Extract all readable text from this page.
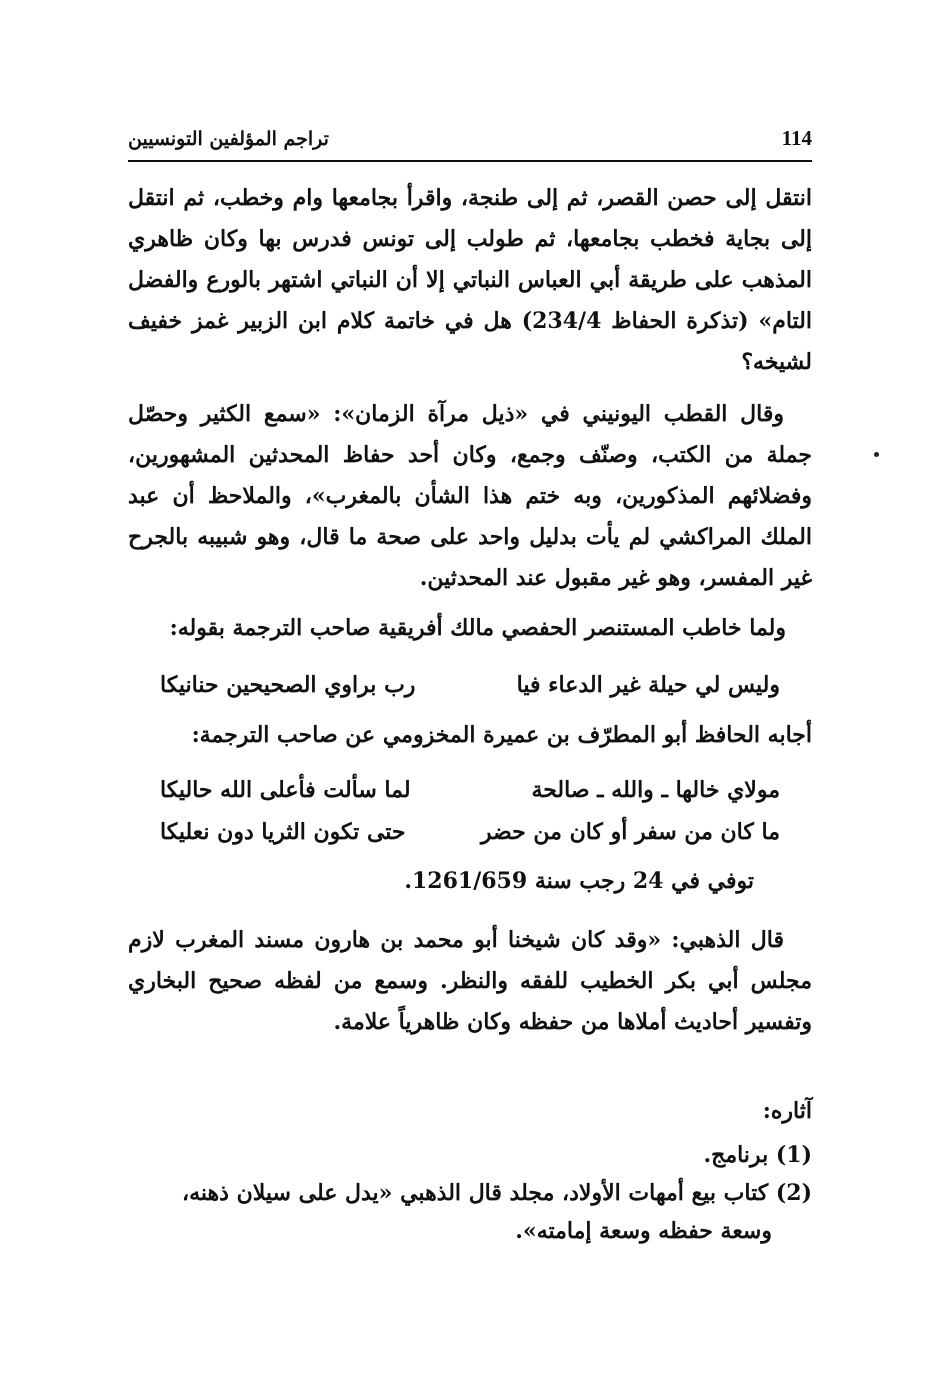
تراجم المؤلفين التونسيين	114
انتقل إلى حصن القصر، ثم إلى طنجة، واقرأ بجامعها وام وخطب، ثم انتقل إلى بجاية فخطب بجامعها، ثم طولب إلى تونس فدرس بها وكان ظاهري المذهب على طريقة أبي العباس النباتي إلا أن النباتي اشتهر بالورع والفضل التام» (تذكرة الحفاظ 234/4) هل في خاتمة كلام ابن الزبير غمز خفيف لشيخه؟
وقال القطب اليونيني في «ذيل مرآة الزمان»: «سمع الكثير وحصّل جملة من الكتب، وصنّف وجمع، وكان أحد حفاظ المحدثين المشهورين، وفضلائهم المذكورين، وبه ختم هذا الشأن بالمغرب»، والملاحظ أن عبد الملك المراكشي لم يأت بدليل واحد على صحة ما قال، وهو شبيبه بالجرح غير المفسر، وهو غير مقبول عند المحدثين.
ولما خاطب المستنصر الحفصي مالك أفريقية صاحب الترجمة بقوله:
وليس لي حيلة غير الدعاء فيا
رب براوي الصحيحين حنانيكا
أجابه الحافظ أبو المطرّف بن عميرة المخزومي عن صاحب الترجمة:
مولاي خالها ـ والله ـ صالحة
لما سألت فأعلى الله حاليكا
ما كان من سفر أو كان من حضر
حتى تكون الثريا دون نعليكا
توفي في 24 رجب سنة 1261/659.
قال الذهبي: «وقد كان شيخنا أبو محمد بن هارون مسند المغرب لازم مجلس أبي بكر الخطيب للفقه والنظر. وسمع من لفظه صحيح البخاري وتفسير أحاديث أملاها من حفظه وكان ظاهرياً علامة.
آثاره:
(1) برنامج.
(2) كتاب بيع أمهات الأولاد، مجلد قال الذهبي «يدل على سيلان ذهنه،
وسعة حفظه وسعة إمامته».
